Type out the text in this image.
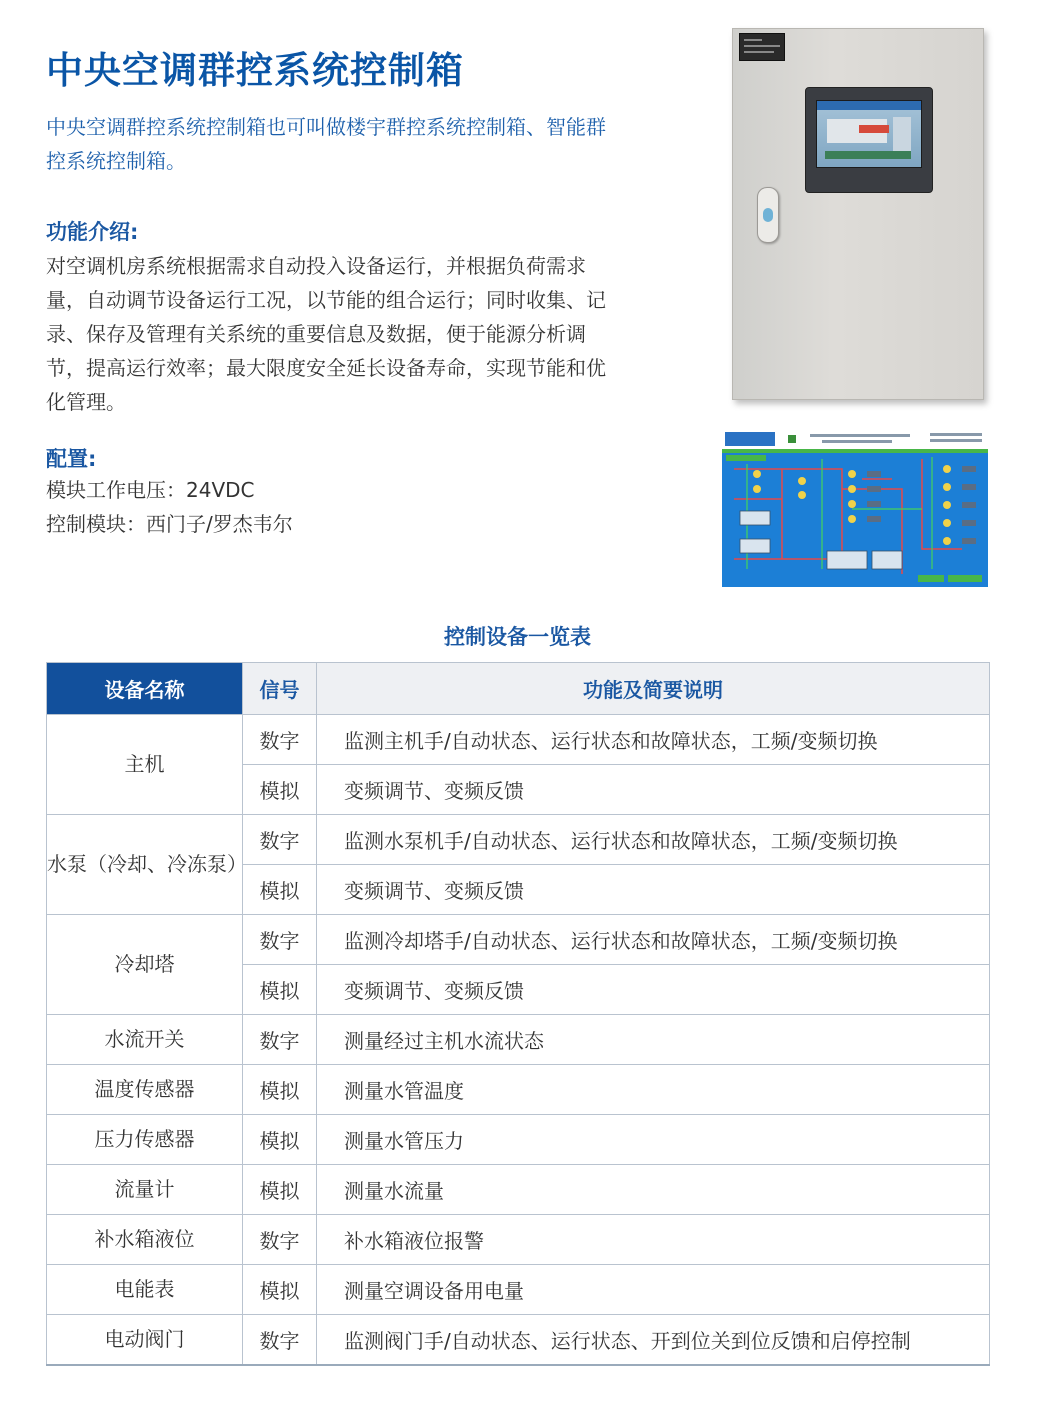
中央空调群控系统控制箱

中央空调群控系统控制箱也可叫做楼宇群控系统控制箱、智能群控系统控制箱。

功能介绍:

对空调机房系统根据需求自动投入设备运行，并根据负荷需求量，自动调节设备运行工况，以节能的组合运行；同时收集、记录、保存及管理有关系统的重要信息及数据，便于能源分析调节，提高运行效率；最大限度安全延长设备寿命，实现节能和优化管理。

配置:

模块工作电压：24VDC

控制模块：西门子/罗杰韦尔

控制设备一览表
设备名称	信号	功能及简要说明
主机	数字	监测主机手/自动状态、运行状态和故障状态，工频/变频切换
	模拟	变频调节、变频反馈
水泵（冷却、冷冻泵）	数字	监测水泵机手/自动状态、运行状态和故障状态，工频/变频切换
	模拟	变频调节、变频反馈
冷却塔	数字	监测冷却塔手/自动状态、运行状态和故障状态，工频/变频切换
	模拟	变频调节、变频反馈
水流开关	数字	测量经过主机水流状态
温度传感器	模拟	测量水管温度
压力传感器	模拟	测量水管压力
流量计	模拟	测量水流量
补水箱液位	数字	补水箱液位报警
电能表	模拟	测量空调设备用电量
电动阀门	数字	监测阀门手/自动状态、运行状态、开到位关到位反馈和启停控制
